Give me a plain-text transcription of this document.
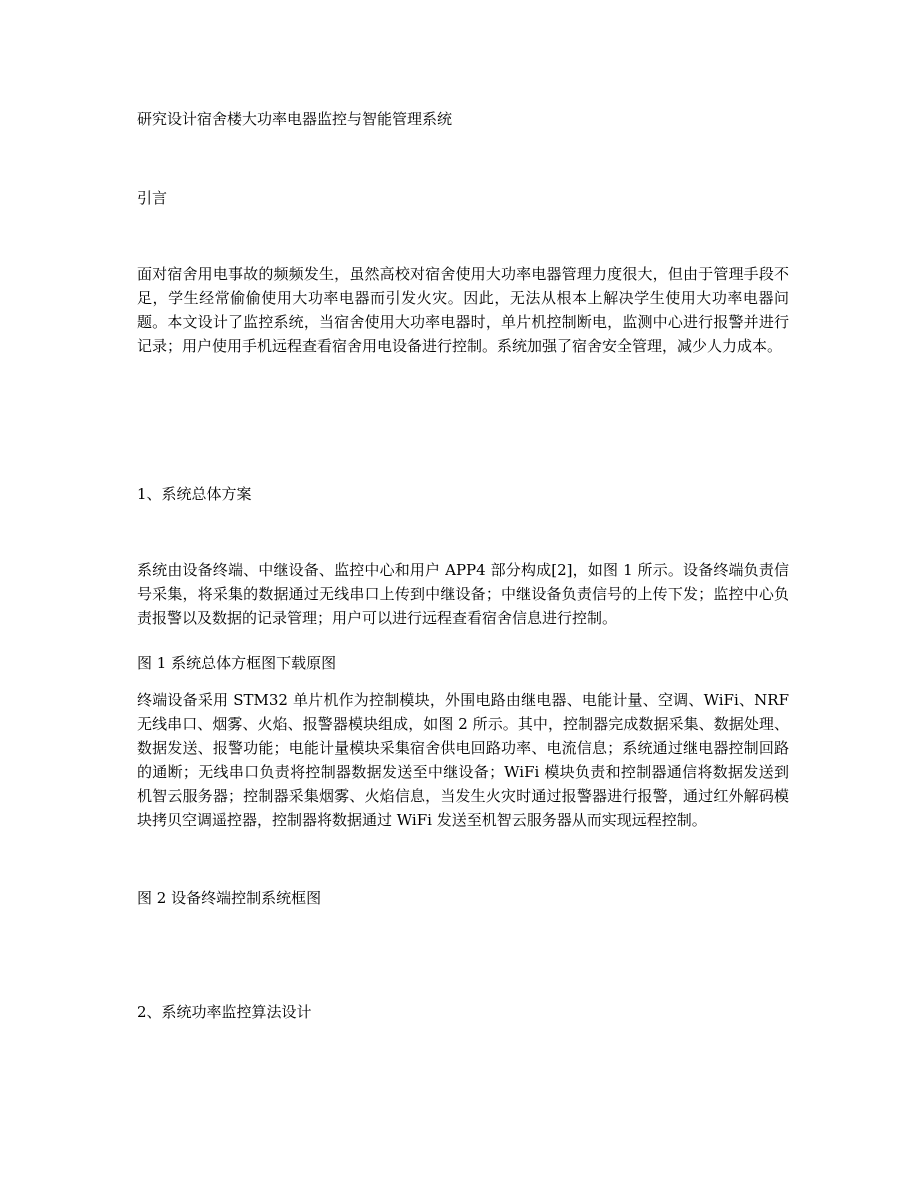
研究设计宿舍楼大功率电器监控与智能管理系统

引言

面对宿舍用电事故的频频发生，虽然高校对宿舍使用大功率电器管理力度很大，但由于管理手段不足，学生经常偷偷使用大功率电器而引发火灾。因此，无法从根本上解决学生使用大功率电器问题。本文设计了监控系统，当宿舍使用大功率电器时，单片机控制断电，监测中心进行报警并进行记录；用户使用手机远程查看宿舍用电设备进行控制。系统加强了宿舍安全管理，减少人力成本。

1、系统总体方案

系统由设备终端、中继设备、监控中心和用户 APP4 部分构成[2]，如图 1 所示。设备终端负责信号采集，将采集的数据通过无线串口上传到中继设备；中继设备负责信号的上传下发；监控中心负责报警以及数据的记录管理；用户可以进行远程查看宿舍信息进行控制。

图 1 系统总体方框图下载原图

终端设备采用 STM32 单片机作为控制模块，外围电路由继电器、电能计量、空调、WiFi、NRF 无线串口、烟雾、火焰、报警器模块组成，如图 2 所示。其中，控制器完成数据采集、数据处理、数据发送、报警功能；电能计量模块采集宿舍供电回路功率、电流信息；系统通过继电器控制回路的通断；无线串口负责将控制器数据发送至中继设备；WiFi 模块负责和控制器通信将数据发送到机智云服务器；控制器采集烟雾、火焰信息，当发生火灾时通过报警器进行报警，通过红外解码模块拷贝空调遥控器，控制器将数据通过 WiFi 发送至机智云服务器从而实现远程控制。

图 2 设备终端控制系统框图

2、系统功率监控算法设计
